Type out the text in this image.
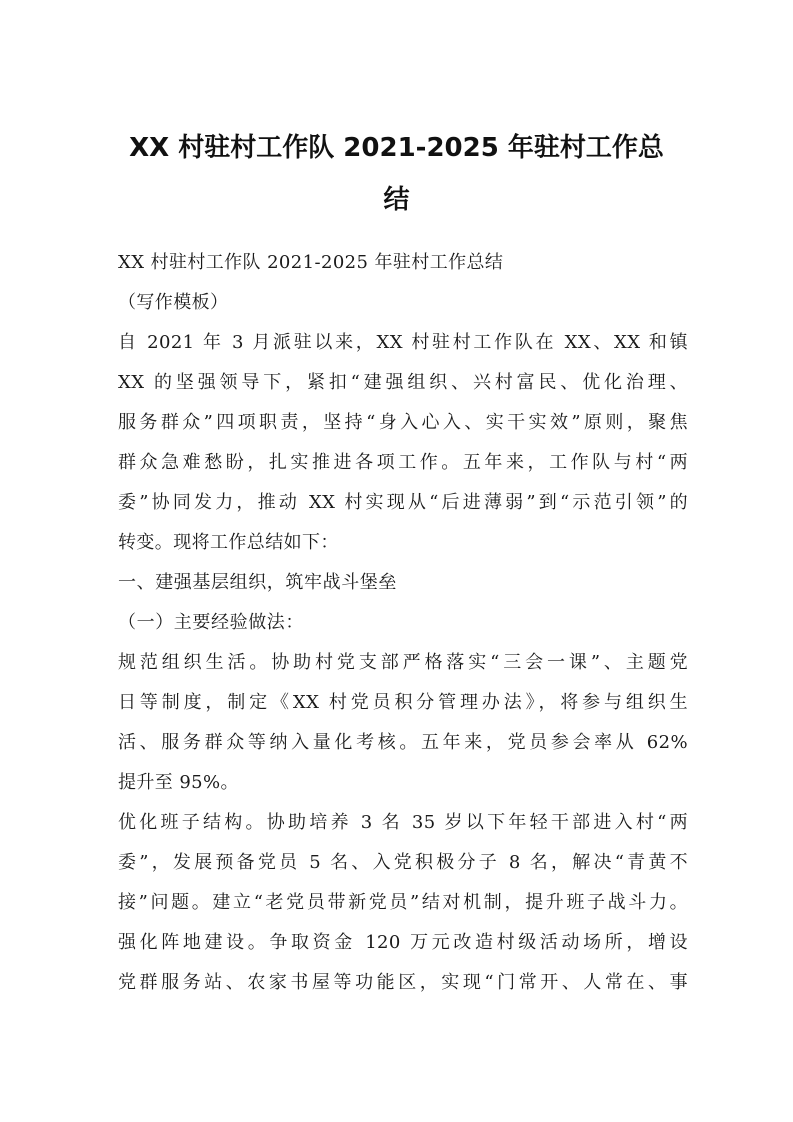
XX 村驻村工作队 2021-2025 年驻村工作总
结
XX 村驻村工作队 2021-2025 年驻村工作总结
（写作模板）
自 2021 年 3 月派驻以来，XX 村驻村工作队在 XX、XX 和镇
XX 的坚强领导下，紧扣“建强组织、兴村富民、优化治理、
服务群众”四项职责，坚持“身入心入、实干实效”原则，聚焦
群众急难愁盼，扎实推进各项工作。五年来，工作队与村“两
委”协同发力，推动 XX 村实现从“后进薄弱”到“示范引领”的
转变。现将工作总结如下：
一、建强基层组织，筑牢战斗堡垒
（一）主要经验做法：
规范组织生活。协助村党支部严格落实“三会一课”、主题党
日等制度，制定《XX 村党员积分管理办法》，将参与组织生
活、服务群众等纳入量化考核。五年来，党员参会率从 62%
提升至 95%。
优化班子结构。协助培养 3 名 35 岁以下年轻干部进入村“两
委”，发展预备党员 5 名、入党积极分子 8 名，解决“青黄不
接”问题。建立“老党员带新党员”结对机制，提升班子战斗力。
强化阵地建设。争取资金 120 万元改造村级活动场所，增设
党群服务站、农家书屋等功能区，实现“门常开、人常在、事
